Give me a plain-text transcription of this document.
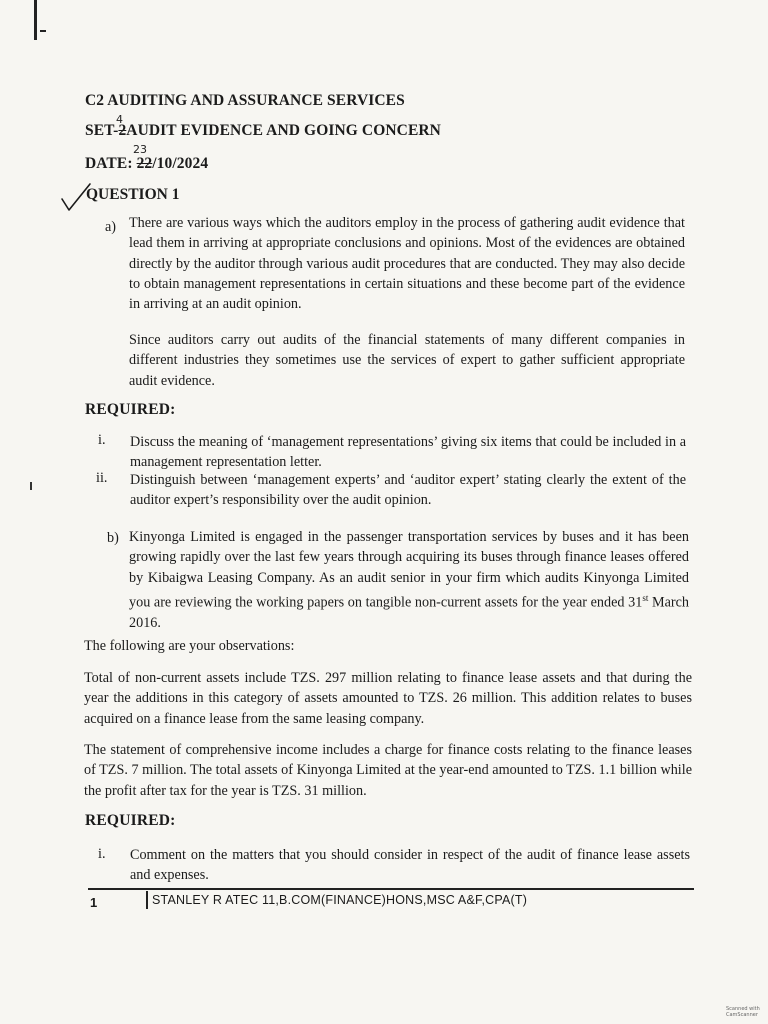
C2 AUDITING AND ASSURANCE SERVICES
4
SET-2AUDIT EVIDENCE AND GOING CONCERN
23
DATE: 22/10/2024
QUESTION 1
a) There are various ways which the auditors employ in the process of gathering audit evidence that lead them in arriving at appropriate conclusions and opinions. Most of the evidences are obtained directly by the auditor through various audit procedures that are conducted. They may also decide to obtain management representations in certain situations and these become part of the evidence in arriving at an audit opinion.
Since auditors carry out audits of the financial statements of many different companies in different industries they sometimes use the services of expert to gather sufficient appropriate audit evidence.
REQUIRED:
i. Discuss the meaning of ‘management representations’ giving six items that could be included in a management representation letter.
ii. Distinguish between ‘management experts’ and ‘auditor expert’ stating clearly the extent of the auditor expert’s responsibility over the audit opinion.
b) Kinyonga Limited is engaged in the passenger transportation services by buses and it has been growing rapidly over the last few years through acquiring its buses through finance leases offered by Kibaigwa Leasing Company. As an audit senior in your firm which audits Kinyonga Limited you are reviewing the working papers on tangible non-current assets for the year ended 31st March 2016.
The following are your observations:
Total of non-current assets include TZS. 297 million relating to finance lease assets and that during the year the additions in this category of assets amounted to TZS. 26 million. This addition relates to buses acquired on a finance lease from the same leasing company.
The statement of comprehensive income includes a charge for finance costs relating to the finance leases of TZS. 7 million. The total assets of Kinyonga Limited at the year-end amounted to TZS. 1.1 billion while the profit after tax for the year is TZS. 31 million.
REQUIRED:
i. Comment on the matters that you should consider in respect of the audit of finance lease assets and expenses.
1	STANLEY R ATEC 11,B.COM(FINANCE)HONS,MSC A&F,CPA(T)
Scanned with
CamScanner
